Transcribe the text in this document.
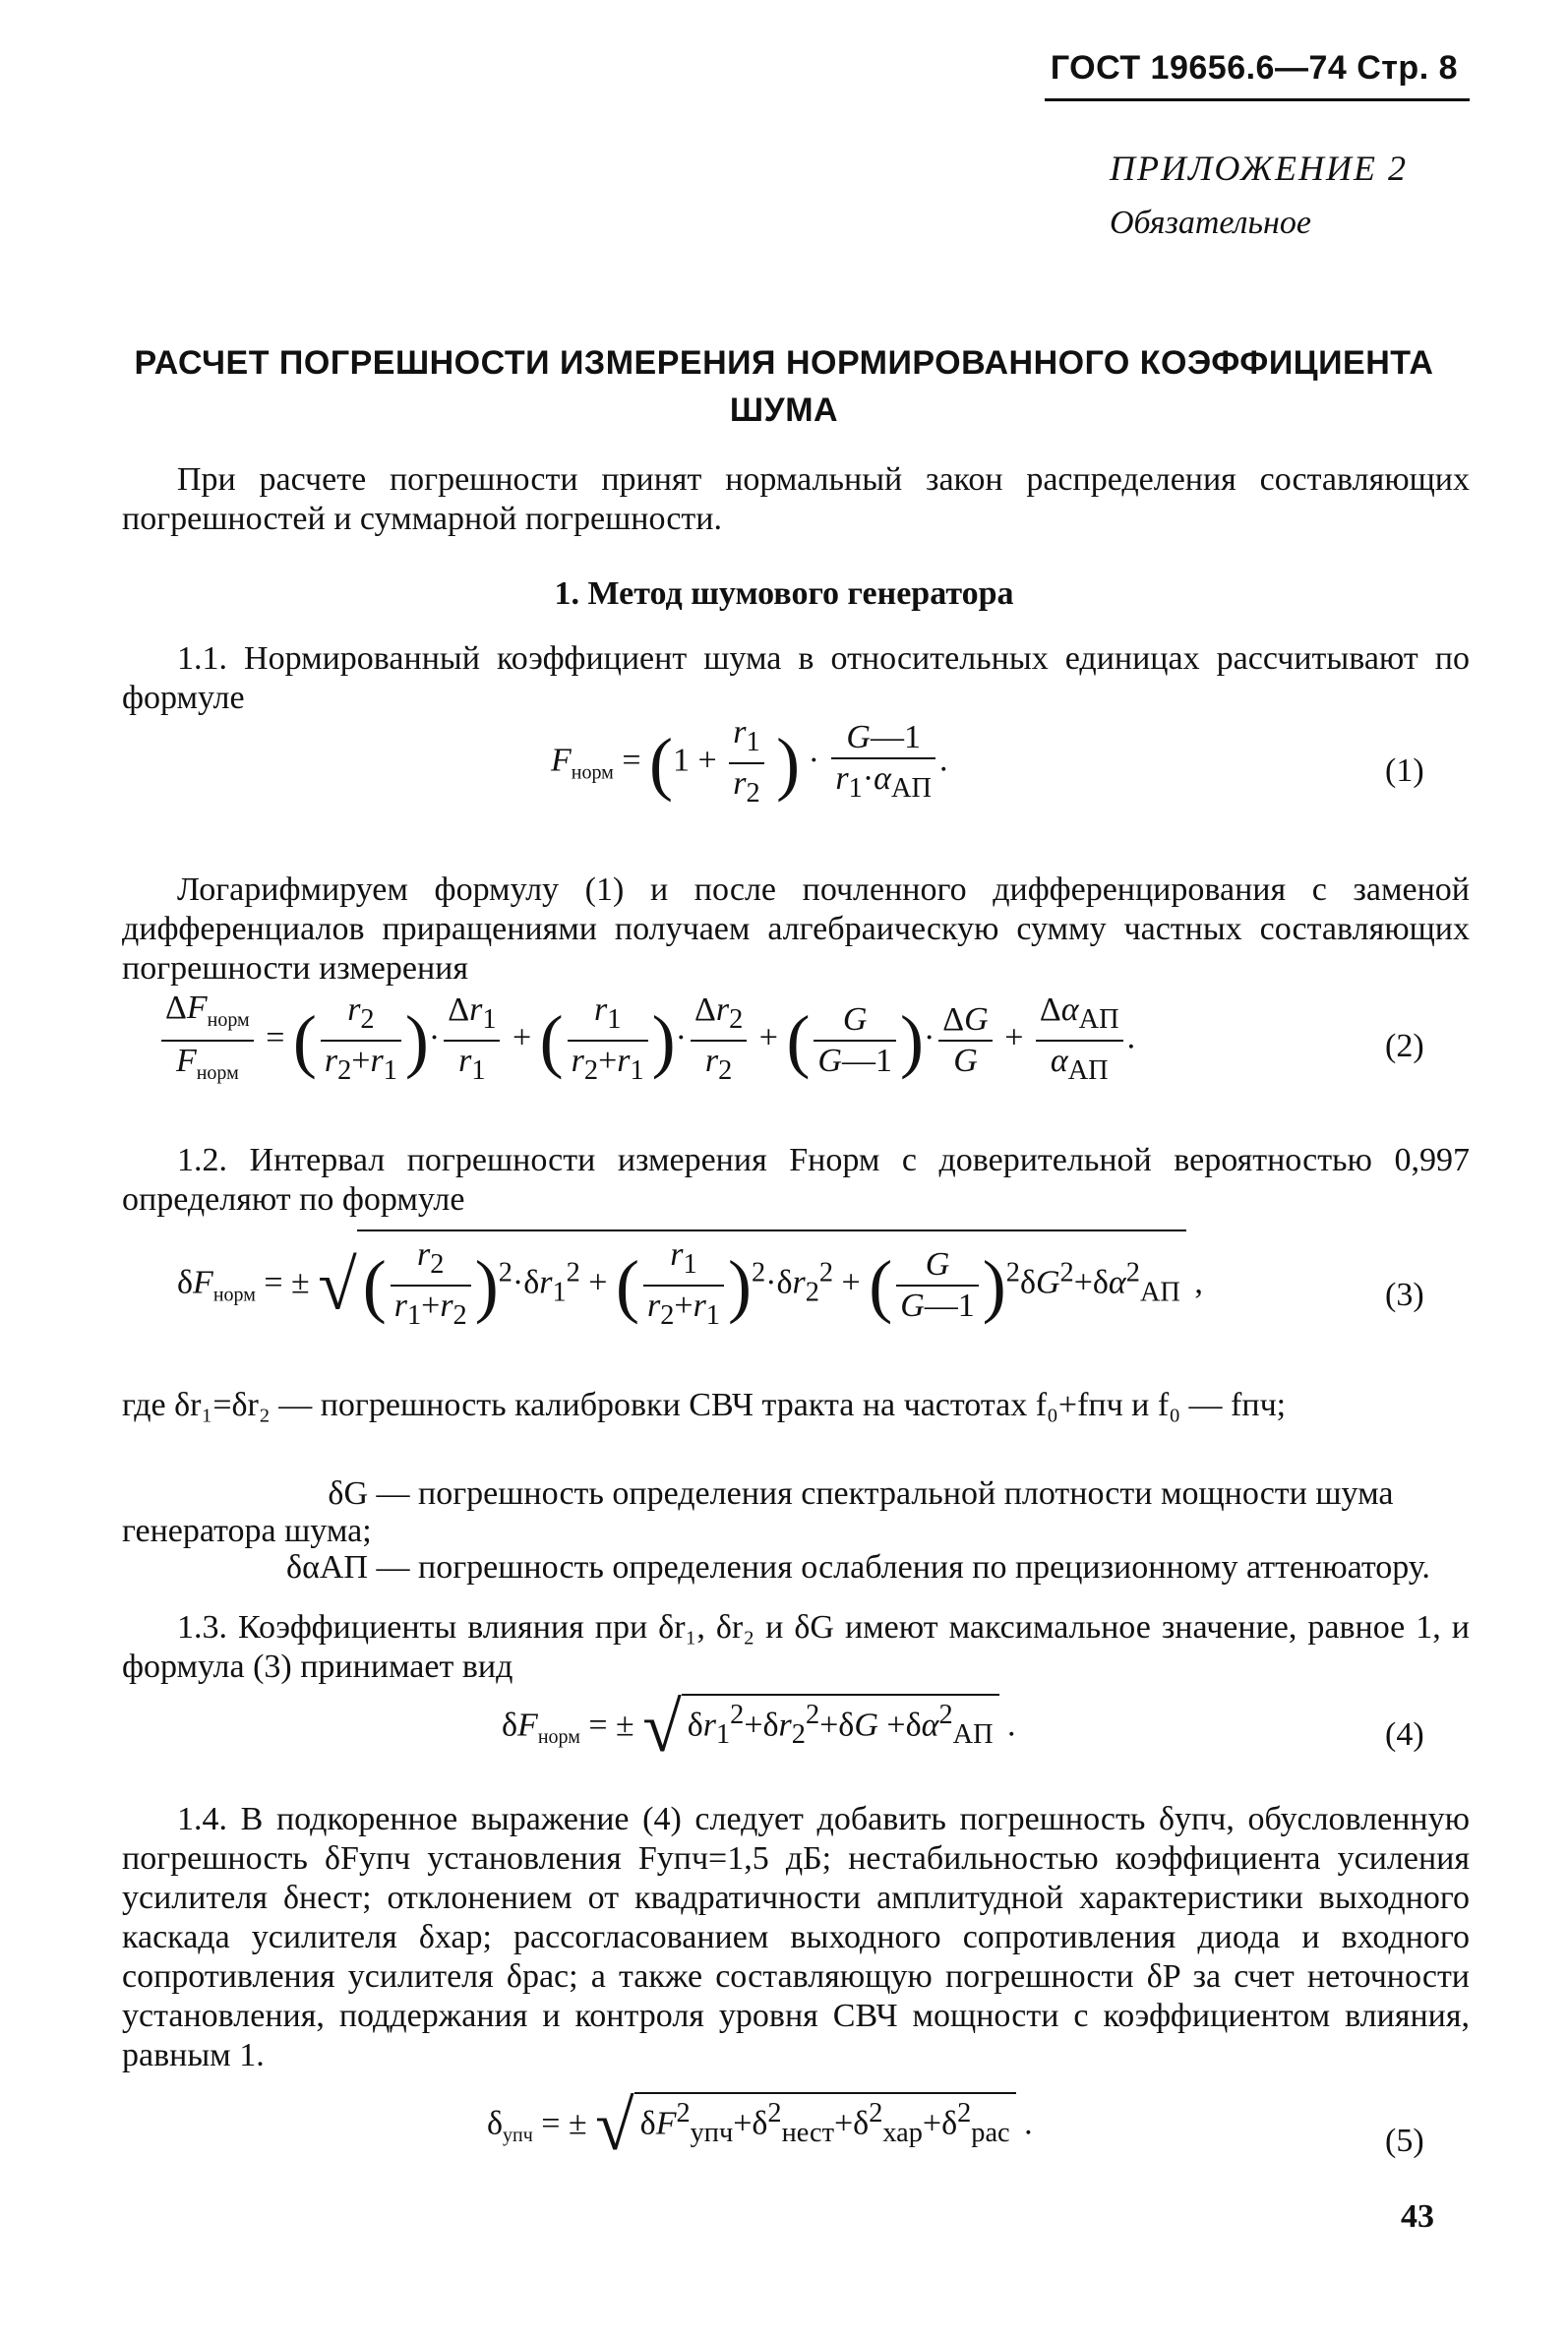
ГОСТ 19656.6—74 Стр. 8
ПРИЛОЖЕНИЕ 2
Обязательное
РАСЧЕТ ПОГРЕШНОСТИ ИЗМЕРЕНИЯ НОРМИРОВАННОГО КОЭФФИЦИЕНТА ШУМА
При расчете погрешности принят нормальный закон распределения составляющих погрешностей и суммарной погрешности.
1. Метод шумового генератора
1.1. Нормированный коэффициент шума в относительных единицах рассчитывают по формуле
$F_{норм} = (1 + \frac{r_1}{r_2}$ ) · $\frac{G—1}{r_1\cdot\alpha_{АП}}$ .	(1)
Логарифмируем формулу (1) и после почленного дифференцирования с заменой дифференциалов приращениями получаем алгебраическую сумму частных составляющих погрешности измерения
$\frac{\Delta F_{норм}}{F_{норм}}$ = ( $\frac{r_2}{r_2+r_1}$ )· $\frac{\Delta r_1}{r_1}$ + ( $\frac{r_1}{r_2+r_1}$ )· $\frac{\Delta r_2}{r_2}$ + ( $\frac{G}{G—1}$ )· $\frac{\Delta G}{G} + \frac{\Delta\alpha_{АП}}{\alpha_{АП}}$ .	(2)
1.2. Интервал погрешности измерения Fнорм с доверительной вероятностью 0,997 определяют по формуле
$\delta F_{норм}$ = ± √( $\frac{r_2}{r_1+r_2} )^2\cdot\delta r_1^2$ + ( $\frac{r_1}{r_2+r_1} )^2\cdot\delta r_2^2$ + ( $\frac{G}{G—1} )^2\delta G^2+\delta\alpha^2_{АП}$ ,	(3)
где δr₁=δr₂ — погрешность калибровки СВЧ тракта на частотах f₀+fпч и f₀ — fпч;
δG — погрешность определения спектральной плотности мощности шума генератора шума;
δαАП — погрешность определения ослабления по прецизионному аттенюатору.
1.3. Коэффициенты влияния при δr₁, δr₂ и δG имеют максимальное значение, равное 1, и формула (3) принимает вид
$\delta F_{норм}$ = ± √ $\delta r_1^2+\delta r_2^2+\delta G +\delta\alpha^2_{АП}$ .	(4)
1.4. В подкоренное выражение (4) следует добавить погрешность δупч, обусловленную погрешность δFупч установления Fупч=1,5 дБ; нестабильностью коэффициента усиления усилителя δнест; отклонением от квадратичности амплитудной характеристики выходного каскада усилителя δхар; рассогласованием выходного сопротивления диода и входного сопротивления усилителя δрас; а также составляющую погрешности δP за счет неточности установления, поддержания и контроля уровня СВЧ мощности с коэффициентом влияния, равным 1.
$\delta_{упч}$ = ± √ $\delta F^2_{упч}+\delta^2_{нест}+\delta^2_{хар}+\delta^2_{рас}$ .	(5)
43
